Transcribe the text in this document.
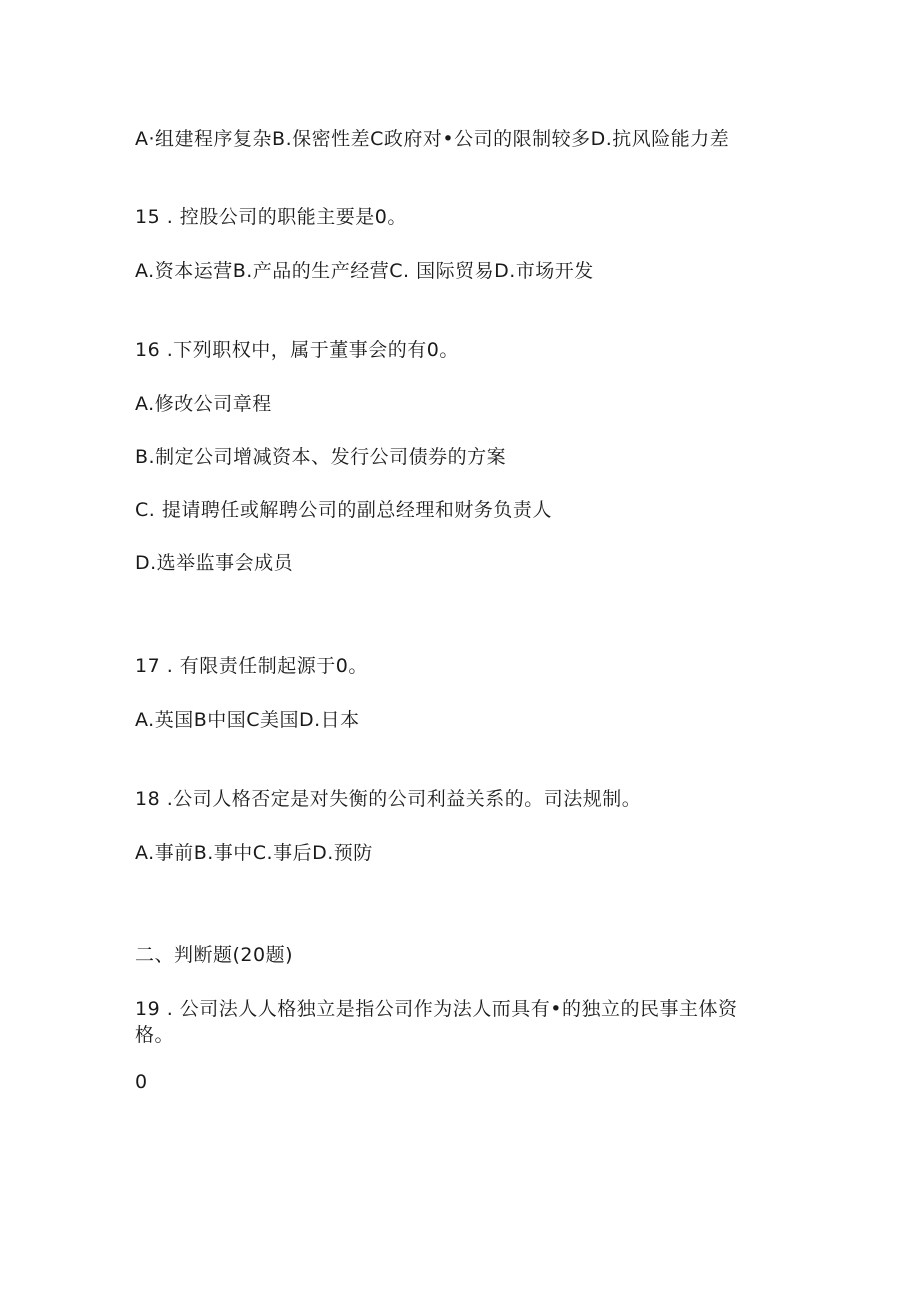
A·组建程序复杂B.保密性差C政府对•公司的限制较多D.抗风险能力差
15 . 控股公司的职能主要是0。
A.资本运营B.产品的生产经营C. 国际贸易D.市场开发
16 .下列职权中，属于董事会的有0。
A.修改公司章程
B.制定公司增减资本、发行公司债券的方案
C. 提请聘任或解聘公司的副总经理和财务负责人
D.选举监事会成员
17 . 有限责任制起源于0。
A.英国B中国C美国D.日本
18 .公司人格否定是对失衡的公司利益关系的。司法规制。
A.事前B.事中C.事后D.预防
二、判断题(20题)
19 . 公司法人人格独立是指公司作为法人而具有•的独立的民事主体资格。
0
